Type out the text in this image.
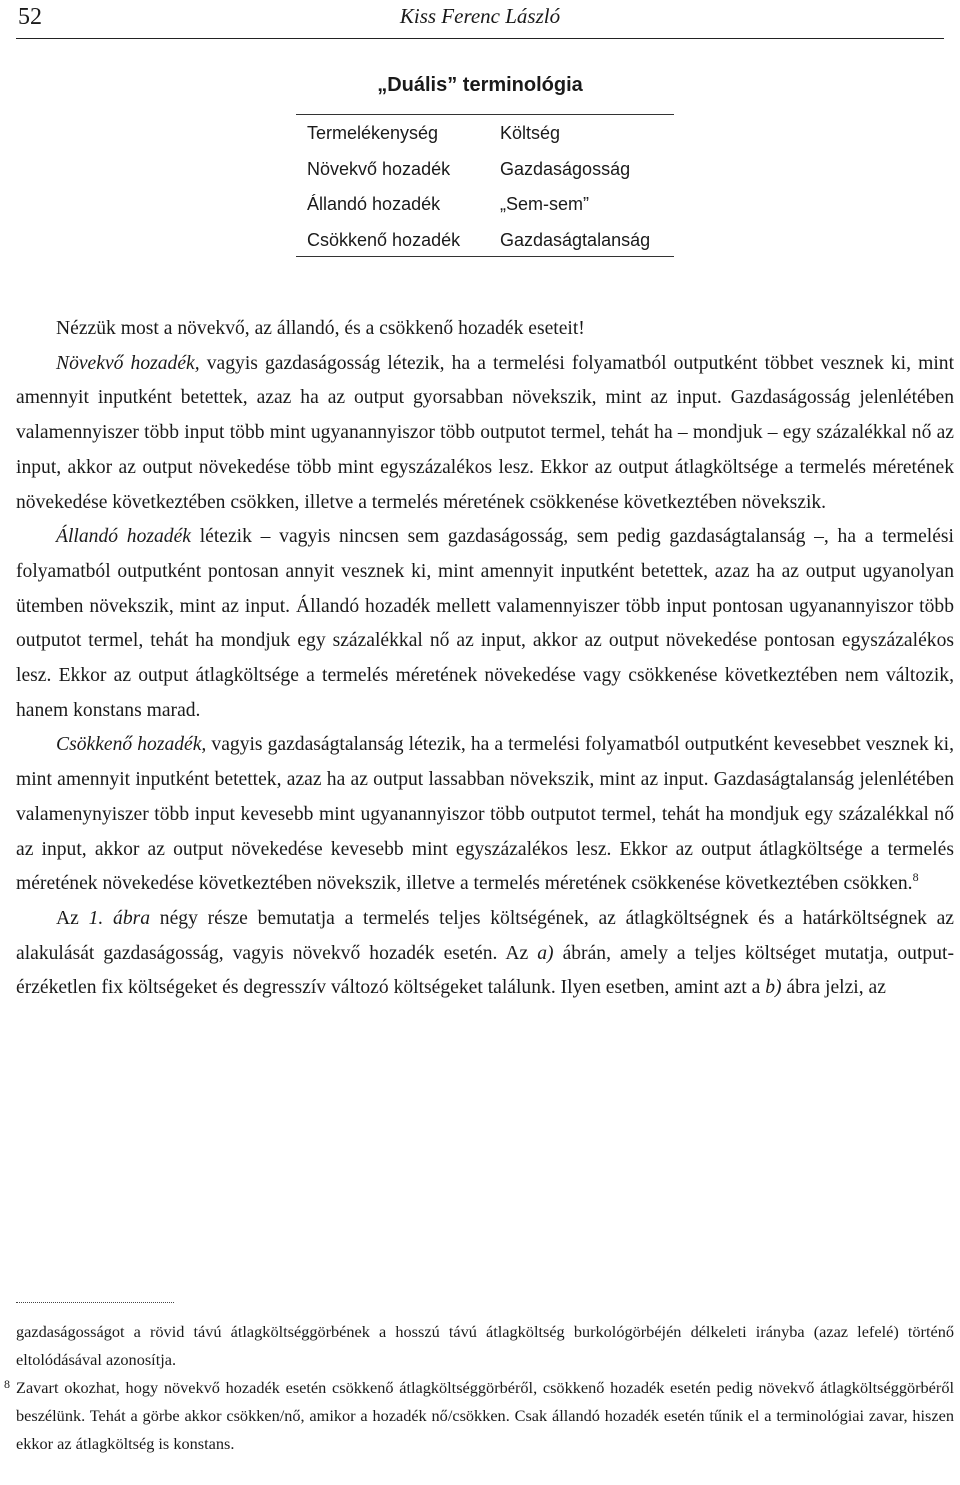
52	Kiss Ferenc László
„Duális” terminológia
Termelékenység	Költség
Növekvő hozadék	Gazdaságosság
Állandó hozadék	„Sem-sem”
Csökkenő hozadék	Gazdaságtalanság

Nézzük most a növekvő, az állandó, és a csökkenő hozadék eseteit!

Növekvő hozadék, vagyis gazdaságosság létezik, ha a termelési folyamatból outputként többet vesznek ki, mint amennyit inputként betettek, azaz ha az output gyorsabban növekszik, mint az input. Gazdaságosság jelenlétében valamennyiszer több input több mint ugyanannyiszor több outputot termel, tehát ha – mondjuk – egy százalékkal nő az input, akkor az output növekedése több mint egyszázalékos lesz. Ekkor az output átlagköltsége a termelés méretének növekedése következtében csökken, illetve a termelés méretének csökkenése következtében növekszik.

Állandó hozadék létezik – vagyis nincsen sem gazdaságosság, sem pedig gazdaságtalanság –, ha a termelési folyamatból outputként pontosan annyit vesznek ki, mint amennyit inputként betettek, azaz ha az output ugyanolyan ütemben növekszik, mint az input. Állandó hozadék mellett valamennyiszer több input pontosan ugyanannyiszor több outputot termel, tehát ha mondjuk egy százalékkal nő az input, akkor az output növekedése pontosan egyszázalékos lesz. Ekkor az output átlagköltsége a termelés méretének növekedése vagy csökkenése következtében nem változik, hanem konstans marad.

Csökkenő hozadék, vagyis gazdaságtalanság létezik, ha a termelési folyamatból outputként kevesebbet vesznek ki, mint amennyit inputként betettek, azaz ha az output lassabban növekszik, mint az input. Gazdaságtalanság jelenlétében valamenynyiszer több input kevesebb mint ugyanannyiszor több outputot termel, tehát ha mondjuk egy százalékkal nő az input, akkor az output növekedése kevesebb mint egyszázalékos lesz. Ekkor az output átlagköltsége a termelés méretének növekedése következtében növekszik, illetve a termelés méretének csökkenése következtében csökken.$^8$

Az 1. ábra négy része bemutatja a termelés teljes költségének, az átlagköltségnek és a határköltségnek az alakulását gazdaságosság, vagyis növekvő hozadék esetén. Az a) ábrán, amely a teljes költséget mutatja, output-érzéketlen fix költségeket és degresszív változó költségeket találunk. Ilyen esetben, amint azt a b) ábra jelzi, az

gazdaságosságot a rövid távú átlagköltséggörbének a hosszú távú átlagköltség burkológörbéjén délkeleti irányba (azaz lefelé) történő eltolódásával azonosítja.

8 Zavart okozhat, hogy növekvő hozadék esetén csökkenő átlagköltséggörbéről, csökkenő hozadék esetén pedig növekvő átlagköltséggörbéről beszélünk. Tehát a görbe akkor csökken/nő, amikor a hozadék nő/csökken. Csak állandó hozadék esetén tűnik el a terminológiai zavar, hiszen ekkor az átlagköltség is konstans.
